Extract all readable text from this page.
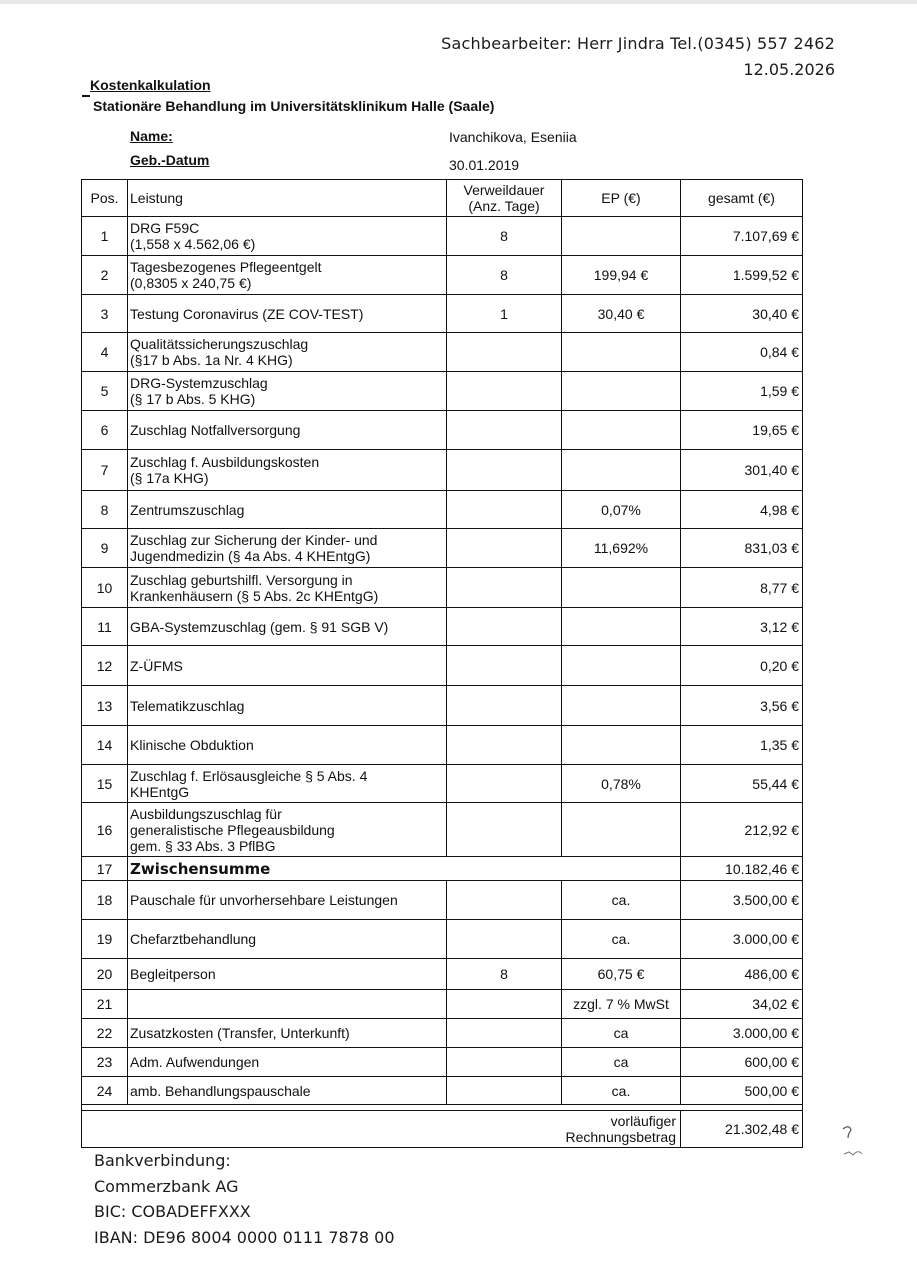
Sachbearbeiter: Herr Jindra Tel.(0345) 557 2462
12.05.2026
Kostenkalkulation
Stationäre Behandlung im Universitätsklinikum Halle (Saale)
Name:	Ivanchikova, Eseniia
Geb.-Datum	30.01.2019
Pos.	Leistung	Verweildauer
(Anz. Tage)	EP (€)	gesamt (€)
1	DRG F59C
(1,558 x 4.562,06 €)	8		7.107,69 €
2	Tagesbezogenes Pflegeentgelt
(0,8305 x 240,75 €)	8	199,94 €	1.599,52 €
3	Testung Coronavirus (ZE COV-TEST)	1	30,40 €	30,40 €
4	Qualitätssicherungszuschlag
(§17 b Abs. 1a Nr. 4 KHG)			0,84 €
5	DRG-Systemzuschlag
(§ 17 b Abs. 5 KHG)			1,59 €
6	Zuschlag Notfallversorgung			19,65 €
7	Zuschlag f. Ausbildungskosten
(§ 17a KHG)			301,40 €
8	Zentrumszuschlag		0,07%	4,98 €
9	Zuschlag zur Sicherung der Kinder- und
Jugendmedizin (§ 4a Abs. 4 KHEntgG)		11,692%	831,03 €
10	Zuschlag geburtshilfl. Versorgung in
Krankenhäusern (§ 5 Abs. 2c KHEntgG)			8,77 €
11	GBA-Systemzuschlag (gem. § 91 SGB V)			3,12 €
12	Z-ÜFMS			0,20 €
13	Telematikzuschlag			3,56 €
14	Klinische Obduktion			1,35 €
15	Zuschlag f. Erlösausgleiche § 5 Abs. 4
KHEntgG		0,78%	55,44 €
16	Ausbildungszuschlag für
generalistische Pflegeausbildung
gem. § 33 Abs. 3 PflBG			212,92 €
17	Zwischensumme			10.182,46 €
18	Pauschale für unvorhersehbare Leistungen		ca.	3.500,00 €
19	Chefarztbehandlung		ca.	3.000,00 €
20	Begleitperson	8	60,75 €	486,00 €
21			zzgl. 7 % MwSt	34,02 €
22	Zusatzkosten (Transfer, Unterkunft)		ca	3.000,00 €
23	Adm. Aufwendungen		ca	600,00 €
24	amb. Behandlungspauschale		ca.	500,00 €

			vorläufiger Rechnungsbetrag	21.302,48 €
Bankverbindung:
Commerzbank AG
BIC: COBADEFFXXX
IBAN: DE96 8004 0000 0111 7878 00
